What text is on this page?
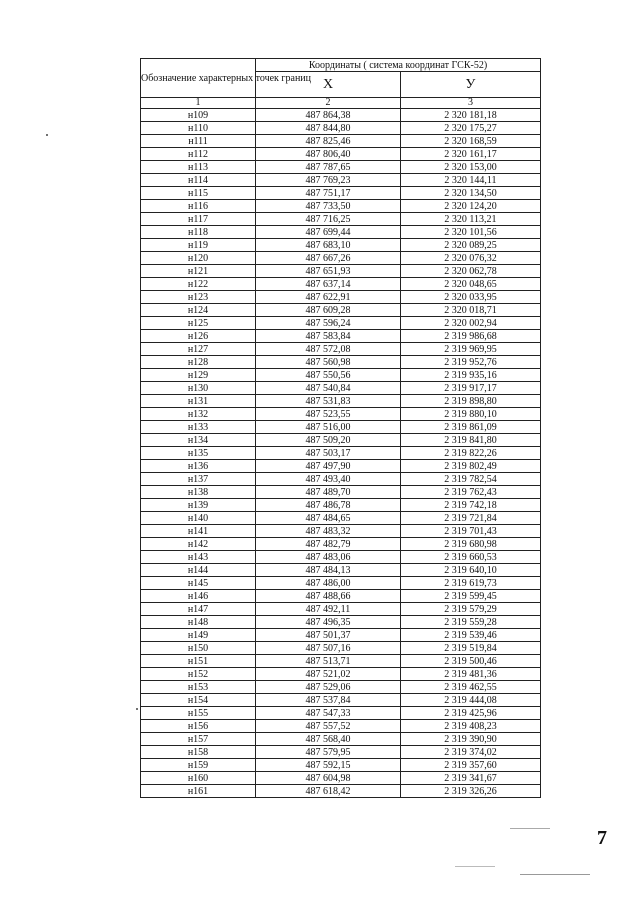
Обозначение характерных точек границ	Координаты ( система координат ГСК-52)	
	X	У
1	2	3
н109	487 864,38	2 320 181,18
н110	487 844,80	2 320 175,27
н111	487 825,46	2 320 168,59
н112	487 806,40	2 320 161,17
н113	487 787,65	2 320 153,00
н114	487 769,23	2 320 144,11
н115	487 751,17	2 320 134,50
н116	487 733,50	2 320 124,20
н117	487 716,25	2 320 113,21
н118	487 699,44	2 320 101,56
н119	487 683,10	2 320 089,25
н120	487 667,26	2 320 076,32
н121	487 651,93	2 320 062,78
н122	487 637,14	2 320 048,65
н123	487 622,91	2 320 033,95
н124	487 609,28	2 320 018,71
н125	487 596,24	2 320 002,94
н126	487 583,84	2 319 986,68
н127	487 572,08	2 319 969,95
н128	487 560,98	2 319 952,76
н129	487 550,56	2 319 935,16
н130	487 540,84	2 319 917,17
н131	487 531,83	2 319 898,80
н132	487 523,55	2 319 880,10
н133	487 516,00	2 319 861,09
н134	487 509,20	2 319 841,80
н135	487 503,17	2 319 822,26
н136	487 497,90	2 319 802,49
н137	487 493,40	2 319 782,54
н138	487 489,70	2 319 762,43
н139	487 486,78	2 319 742,18
н140	487 484,65	2 319 721,84
н141	487 483,32	2 319 701,43
н142	487 482,79	2 319 680,98
н143	487 483,06	2 319 660,53
н144	487 484,13	2 319 640,10
н145	487 486,00	2 319 619,73
н146	487 488,66	2 319 599,45
н147	487 492,11	2 319 579,29
н148	487 496,35	2 319 559,28
н149	487 501,37	2 319 539,46
н150	487 507,16	2 319 519,84
н151	487 513,71	2 319 500,46
н152	487 521,02	2 319 481,36
н153	487 529,06	2 319 462,55
н154	487 537,84	2 319 444,08
н155	487 547,33	2 319 425,96
н156	487 557,52	2 319 408,23
н157	487 568,40	2 319 390,90
н158	487 579,95	2 319 374,02
н159	487 592,15	2 319 357,60
н160	487 604,98	2 319 341,67
н161	487 618,42	2 319 326,26
7
